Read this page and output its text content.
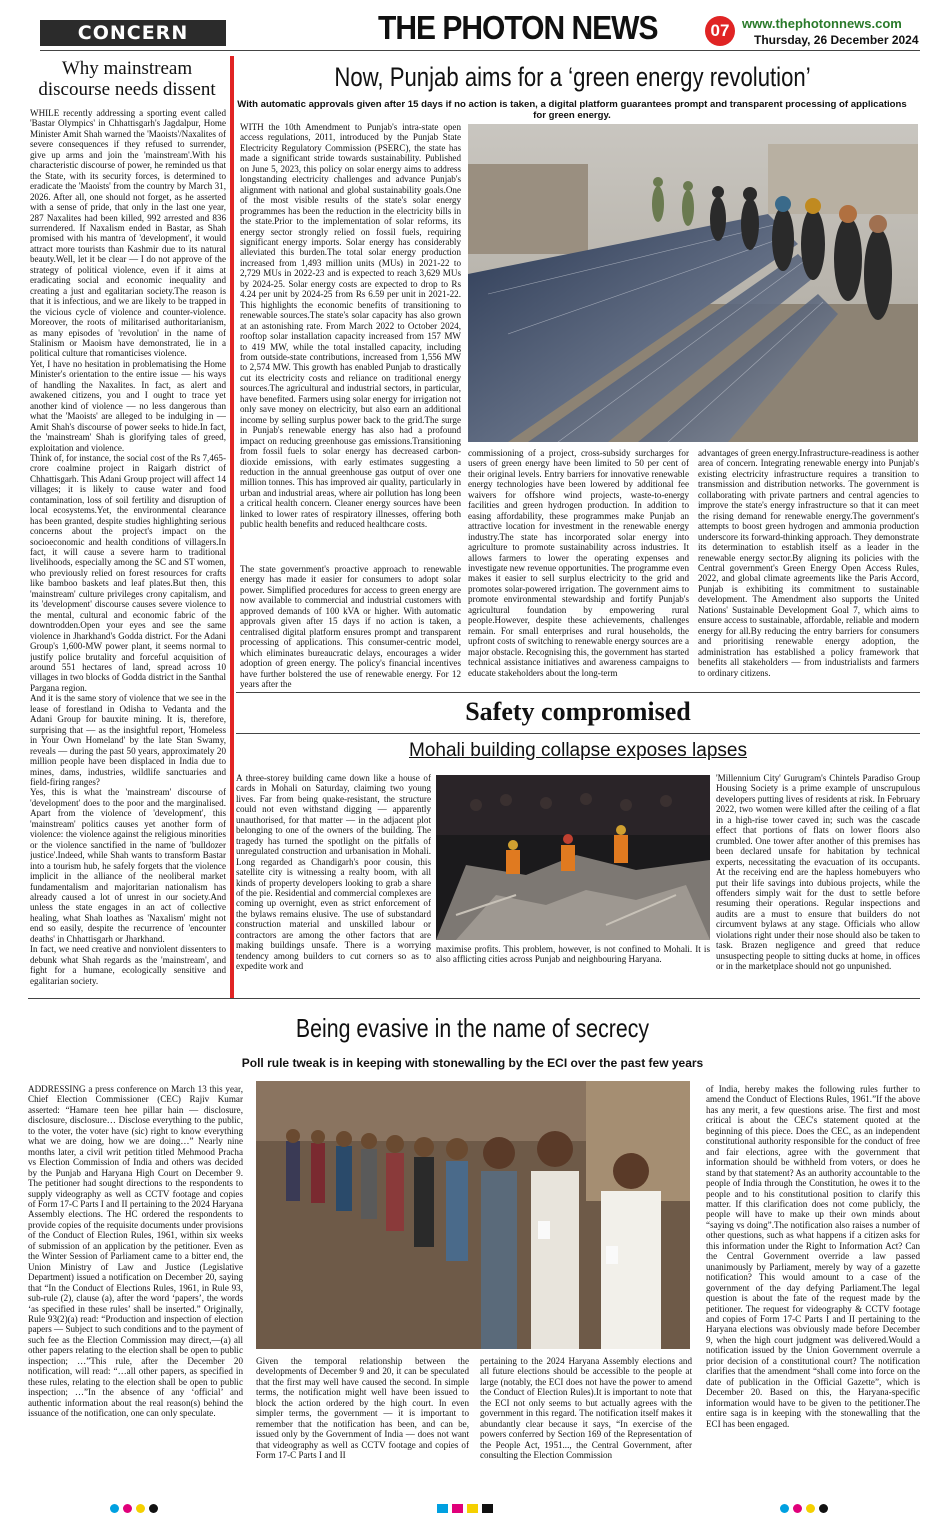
CONCERN	THE PHOTON NEWS	07 www.thephotonnews.com
Thursday, 26 December 2024
Why mainstream discourse needs dissent

WHILE recently addressing a sporting event called 'Bastar Olympics' in Chhattisgarh's Jagdalpur, Home Minister Amit Shah warned the 'Maoists'/Naxalites of severe consequences if they refused to surrender, give up arms and join the 'mainstream'.With his characteristic discourse of power, he reminded us that the State, with its security forces, is determined to eradicate the 'Maoists' from the country by March 31, 2026. After all, one should not forget, as he asserted with a sense of pride, that only in the last one year, 287 Naxalites had been killed, 992 arrested and 836 surrendered. If Naxalism ended in Bastar, as Shah promised with his mantra of 'development', it would attract more tourists than Kashmir due to its natural beauty.Well, let it be clear — I do not approve of the strategy of political violence, even if it aims at eradicating social and economic inequality and creating a just and egalitarian society.The reason is that it is infectious, and we are likely to be trapped in the vicious cycle of violence and counter-violence. Moreover, the roots of militarised authoritarianism, as many episodes of 'revolution' in the name of Stalinism or Maoism have demonstrated, lie in a political culture that romanticises violence.

Yet, I have no hesitation in problematising the Home Minister's orientation to the entire issue — his ways of handling the Naxalites. In fact, as alert and awakened citizens, you and I ought to trace yet another kind of violence — no less dangerous than what the 'Maoists' are alleged to be indulging in — Amit Shah's discourse of power seeks to hide.In fact, the 'mainstream' Shah is glorifying tales of greed, exploitation and violence.

Think of, for instance, the social cost of the Rs 7,465-crore coalmine project in Raigarh district of Chhattisgarh. This Adani Group project will affect 14 villages; it is likely to cause water and food contamination, loss of soil fertility and disruption of local ecosystems.Yet, the environmental clearance has been granted, despite studies highlighting serious concerns about the project's impact on the socioeconomic and health conditions of villagers.In fact, it will cause a severe harm to traditional livelihoods, especially among the SC and ST women, who previously relied on forest resources for crafts like bamboo baskets and leaf plates.But then, this 'mainstream' culture privileges crony capitalism, and its 'development' discourse causes severe violence to the mental, cultural and economic fabric of the downtrodden.Open your eyes and see the same violence in Jharkhand's Godda district. For the Adani Group's 1,600-MW power plant, it seems normal to justify police brutality and forceful acquisition of around 551 hectares of land, spread across 10 villages in two blocks of Godda district in the Santhal Pargana region.

And it is the same story of violence that we see in the lease of forestland in Odisha to Vedanta and the Adani Group for bauxite mining. It is, therefore, surprising that — as the insightful report, 'Homeless in Your Own Homeland' by the late Stan Swamy, reveals — during the past 50 years, approximately 20 million people have been displaced in India due to mines, dams, industries, wildlife sanctuaries and field-firing ranges?

Yes, this is what the 'mainstream' discourse of 'development' does to the poor and the marginalised. Apart from the violence of 'development', this 'mainstream' politics causes yet another form of violence: the violence against the religious minorities or the violence sanctified in the name of 'bulldozer justice'.Indeed, while Shah wants to transform Bastar into a tourism hub, he safely forgets that the violence implicit in the alliance of the neoliberal market fundamentalism and majoritarian nationalism has already caused a lot of unrest in our society.And unless the state engages in an act of collective healing, what Shah loathes as 'Naxalism' might not end so easily, despite the recurrence of 'encounter deaths' in Chhattisgarh or Jharkhand.

In fact, we need creative and nonviolent dissenters to debunk what Shah regards as the 'mainstream', and fight for a humane, ecologically sensitive and egalitarian society.

Now, Punjab aims for a ‘green energy revolution’
With automatic approvals given after 15 days if no action is taken, a digital platform guarantees prompt and transparent processing of applications for green energy.

WITH the 10th Amendment to Punjab's intra-state open access regulations, 2011, introduced by the Punjab State Electricity Regulatory Commission (PSERC), the state has made a significant stride towards sustainability. Published on June 5, 2023, this policy on solar energy aims to address longstanding electricity challenges and advance Punjab's alignment with national and global sustainability goals.One of the most visible results of the state's solar energy programmes has been the reduction in the electricity bills in the state.Prior to the implementation of solar reforms, its energy sector strongly relied on fossil fuels, requiring significant energy imports. Solar energy has considerably alleviated this burden.The total solar energy production increased from 1,493 million units (MUs) in 2021-22 to 2,729 MUs in 2022-23 and is expected to reach 3,629 MUs by 2024-25. Solar energy costs are expected to drop to Rs 4.24 per unit by 2024-25 from Rs 6.59 per unit in 2021-22. This highlights the economic benefits of transitioning to renewable sources.The state's solar capacity has also grown at an astonishing rate. From March 2022 to October 2024, rooftop solar installation capacity increased from 157 MW to 419 MW, while the total installed capacity, including from outside-state contributions, increased from 1,556 MW to 2,574 MW. This growth has enabled Punjab to drastically cut its electricity costs and reliance on traditional energy sources.The agricultural and industrial sectors, in particular, have benefited. Farmers using solar energy for irrigation not only save money on electricity, but also earn an additional income by selling surplus power back to the grid.The surge in Punjab's renewable energy has also had a profound impact on reducing greenhouse gas emissions.Transitioning from fossil fuels to solar energy has decreased carbon-dioxide emissions, with early estimates suggesting a reduction in the annual greenhouse gas output of over one million tonnes. This has improved air quality, particularly in urban and industrial areas, where air pollution has long been a critical health concern. Cleaner energy sources have been linked to lower rates of respiratory illnesses, offering both public health benefits and reduced healthcare costs.

The state government's proactive approach to renewable energy has made it easier for consumers to adopt solar power. Simplified procedures for access to green energy are now available to commercial and industrial customers with approved demands of 100 kVA or higher. With automatic approvals given after 15 days if no action is taken, a centralised digital platform ensures prompt and transparent processing of applications. This consumer-centric model, which eliminates bureaucratic delays, encourages a wider adoption of green energy. The policy's financial incentives have further bolstered the use of renewable energy. For 12 years after the

commissioning of a project, cross-subsidy surcharges for users of green energy have been limited to 50 per cent of their original levels. Entry barriers for innovative renewable energy technologies have been lowered by additional fee waivers for offshore wind projects, waste-to-energy facilities and green hydrogen production. In addition to easing affordability, these programmes make Punjab an attractive location for investment in the renewable energy industry.The state has incorporated solar energy into agriculture to promote sustainability across industries. It allows farmers to lower the operating expenses and investigate new revenue opportunities. The programme even makes it easier to sell surplus electricity to the grid and promotes solar-powered irrigation. The government aims to promote environmental stewardship and fortify Punjab's agricultural foundation by empowering rural people.However, despite these achievements, challenges remain. For small enterprises and rural households, the upfront costs of switching to renewable energy sources are a major obstacle. Recognising this, the government has started technical assistance initiatives and awareness campaigns to educate stakeholders about the long-term

advantages of green energy.Infrastructure-readiness is aother area of concern. Integrating renewable energy into Punjab's existing electricity infrastructure requires a transition to transmission and distribution networks. The government is collaborating with private partners and central agencies to improve the state's energy infrastructure so that it can meet the rising demand for renewable energy.The government's attempts to boost green hydrogen and ammonia production underscore its forward-thinking approach. They demonstrate its determination to establish itself as a leader in the renewable energy sector.By aligning its policies with the Central government's Green Energy Open Access Rules, 2022, and global climate agreements like the Paris Accord, Punjab is exhibiting its commitment to sustainable development. The Amendment also supports the United Nations' Sustainable Development Goal 7, which aims to ensure access to sustainable, affordable, reliable and modern energy for all.By reducing the entry barriers for consumers and prioritising renewable energy adoption, the administration has established a policy framework that benefits all stakeholders — from industrialists and farmers to ordinary citizens.

Safety compromised
Mohali building collapse exposes lapses

A three-storey building came down like a house of cards in Mohali on Saturday, claiming two young lives. Far from being quake-resistant, the structure could not even withstand digging — apparently unauthorised, for that matter — in the adjacent plot belonging to one of the owners of the building. The tragedy has turned the spotlight on the pitfalls of unregulated construction and urbanisation in Mohali. Long regarded as Chandigarh's poor cousin, this satellite city is witnessing a realty boom, with all kinds of property developers looking to grab a share of the pie. Residential and commercial complexes are coming up overnight, even as strict enforcement of the bylaws remains elusive. The use of substandard construction material and unskilled labour or contractors are among the other factors that are making buildings unsafe. There is a worrying tendency among builders to cut corners so as to expedite work and

maximise profits. This problem, however, is not confined to Mohali. It is also afflicting cities across Punjab and neighbouring Haryana.

'Millennium City' Gurugram's Chintels Paradiso Group Housing Society is a prime example of unscrupulous developers putting lives of residents at risk. In February 2022, two women were killed after the ceiling of a flat in a high-rise tower caved in; such was the cascade effect that portions of flats on lower floors also crumbled. One tower after another of this premises has been declared unsafe for habitation by technical experts, necessitating the evacuation of its occupants. At the receiving end are the hapless homebuyers who put their life savings into dubious projects, while the offenders simply wait for the dust to settle before resuming their operations. Regular inspections and audits are a must to ensure that builders do not circumvent bylaws at any stage. Officials who allow violations right under their nose should also be taken to task. Brazen negligence and greed that reduce unsuspecting people to sitting ducks at home, in offices or in the marketplace should not go unpunished.

Being evasive in the name of secrecy
Poll rule tweak is in keeping with stonewalling by the ECI over the past few years

ADDRESSING a press conference on March 13 this year, Chief Election Commissioner (CEC) Rajiv Kumar asserted: “Hamare teen hee pillar hain — disclosure, disclosure, disclosure… Disclose everything to the public, to the voter, the voter have (sic) right to know everything what we are doing, how we are doing…” Nearly nine months later, a civil writ petition titled Mehmood Pracha vs Election Commission of India and others was decided by the Punjab and Haryana High Court on December 9. The petitioner had sought directions to the respondents to supply videography as well as CCTV footage and copies of Form 17-C Parts I and II pertaining to the 2024 Haryana Assembly elections. The HC ordered the respondents to provide copies of the requisite documents under provisions of the Conduct of Election Rules, 1961, within six weeks of submission of an application by the petitioner. Even as the Winter Session of Parliament came to a bitter end, the Union Ministry of Law and Justice (Legislative Department) issued a notification on December 20, saying that “In the Conduct of Elections Rules, 1961, in Rule 93, sub-rule (2), clause (a), after the word ‘papers’, the words ‘as specified in these rules’ shall be inserted.” Originally, Rule 93(2)(a) read: “Production and inspection of election papers — Subject to such conditions and to the payment of such fee as the Election Commission may direct,—(a) all other papers relating to the election shall be open to public inspection; …”This rule, after the December 20 notification, will read: “…all other papers, as specified in these rules, relating to the election shall be open to public inspection; …”In the absence of any ‘official’ and authentic information about the real reason(s) behind the issuance of the notification, one can only speculate.

Given the temporal relationship between the developments of December 9 and 20, it can be speculated that the first may well have caused the second. In simple terms, the notification might well have been issued to block the action ordered by the high court. In even simpler terms, the government — it is important to remember that the notification has been, and can be, issued only by the Government of India — does not want that videography as well as CCTV footage and copies of Form 17-C Parts I and II

pertaining to the 2024 Haryana Assembly elections and all future elections should be accessible to the people at large (notably, the ECI does not have the power to amend the Conduct of Election Rules).It is important to note that the ECI not only seems to but actually agrees with the government in this regard. The notification itself makes it abundantly clear because it says, “In exercise of the powers conferred by Section 169 of the Representation of the People Act, 1951..., the Central Government, after consulting the Election Commission

of India, hereby makes the following rules further to amend the Conduct of Elections Rules, 1961.”If the above has any merit, a few questions arise. The first and most critical is about the CEC's statement quoted at the beginning of this piece. Does the CEC, as an independent constitutional authority responsible for the conduct of free and fair elections, agree with the government that information should be withheld from voters, or does he stand by that statement? As an authority accountable to the people of India through the Constitution, he owes it to the people and to his constitutional position to clarify this matter. If this clarification does not come publicly, the people will have to make up their own minds about “saying vs doing”.The notification also raises a number of other questions, such as what happens if a citizen asks for this information under the Right to Information Act? Can the Central Government override a law passed unanimously by Parliament, merely by way of a gazette notification? This would amount to a case of the government of the day defying Parliament.The legal question is about the fate of the request made by the petitioner. The request for videography & CCTV footage and copies of Form 17-C Parts I and II pertaining to the Haryana elections was obviously made before December 9, when the high court judgment was delivered.Would a notification issued by the Union Government overrule a prior decision of a constitutional court? The notification clarifies that the amendment “shall come into force on the date of publication in the Official Gazette”, which is December 20. Based on this, the Haryana-specific information would have to be given to the petitioner.The entire saga is in keeping with the stonewalling that the ECI has been engaged.
